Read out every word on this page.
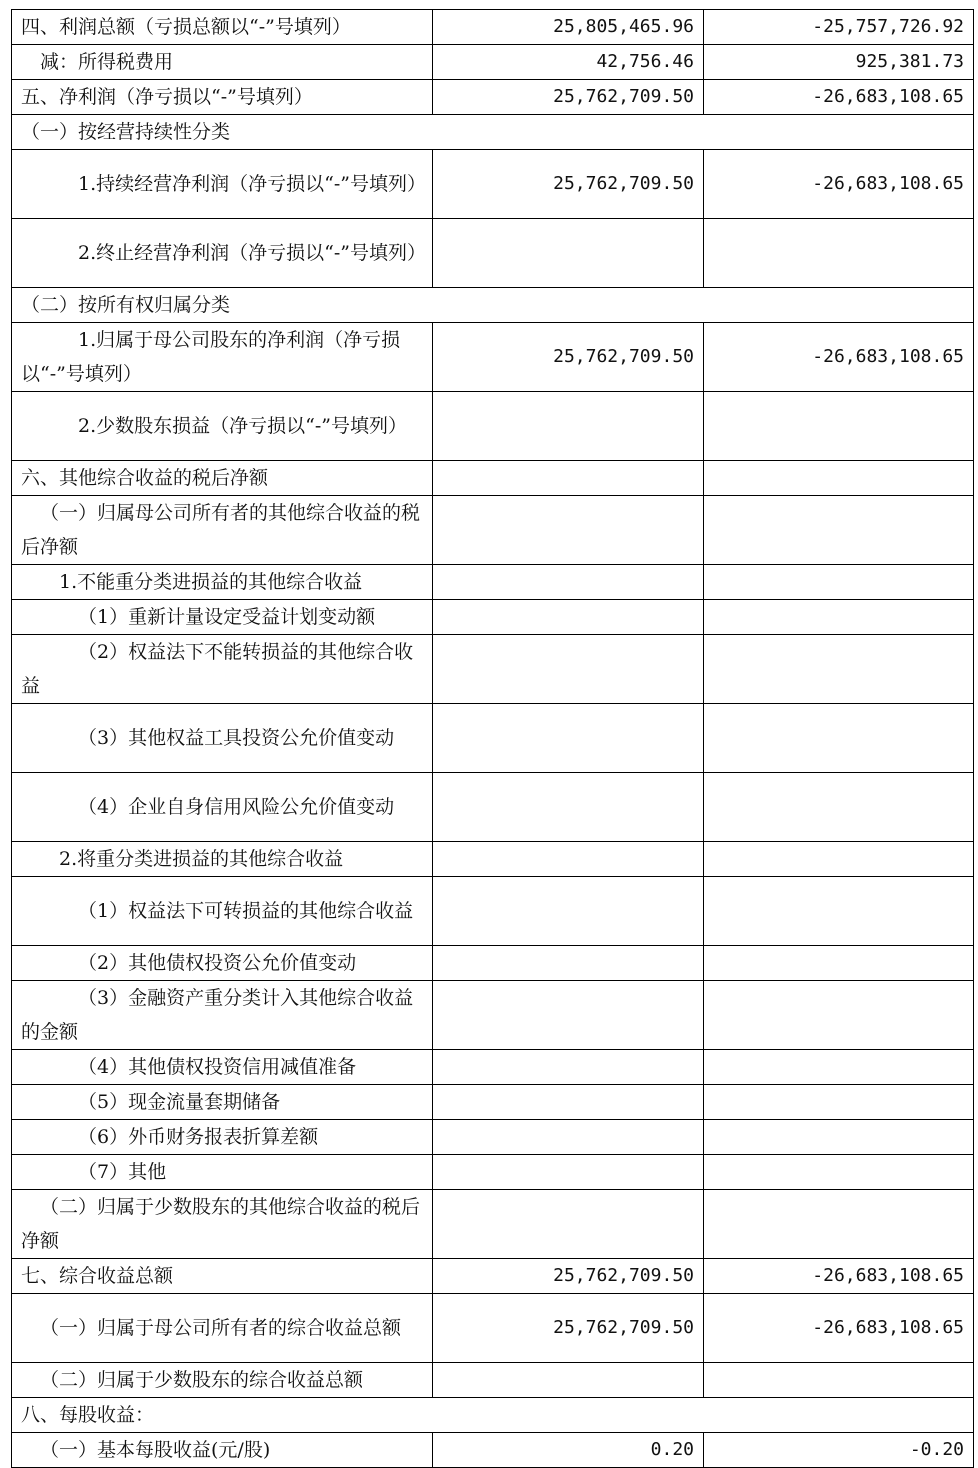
四、利润总额（亏损总额以“-”号填列）	25,805,465.96	-25,757,726.92
减：所得税费用	42,756.46	925,381.73
五、净利润（净亏损以“-”号填列）	25,762,709.50	-26,683,108.65
（一）按经营持续性分类		
1.持续经营净利润（净亏损以“-”号填列）	25,762,709.50	-26,683,108.65
2.终止经营净利润（净亏损以“-”号填列）		
（二）按所有权归属分类		
1.归属于母公司股东的净利润（净亏损以“-”号填列）	25,762,709.50	-26,683,108.65
2.少数股东损益（净亏损以“-”号填列）		
六、其他综合收益的税后净额		
（一）归属母公司所有者的其他综合收益的税后净额		
1.不能重分类进损益的其他综合收益		
（1）重新计量设定受益计划变动额		
（2）权益法下不能转损益的其他综合收益		
（3）其他权益工具投资公允价值变动		
（4）企业自身信用风险公允价值变动		
2.将重分类进损益的其他综合收益		
（1）权益法下可转损益的其他综合收益		
（2）其他债权投资公允价值变动		
（3）金融资产重分类计入其他综合收益的金额		
（4）其他债权投资信用减值准备		
（5）现金流量套期储备		
（6）外币财务报表折算差额		
（7）其他		
（二）归属于少数股东的其他综合收益的税后净额		
七、综合收益总额	25,762,709.50	-26,683,108.65
（一）归属于母公司所有者的综合收益总额	25,762,709.50	-26,683,108.65
（二）归属于少数股东的综合收益总额		
八、每股收益：		
（一）基本每股收益(元/股)	0.20	-0.20
